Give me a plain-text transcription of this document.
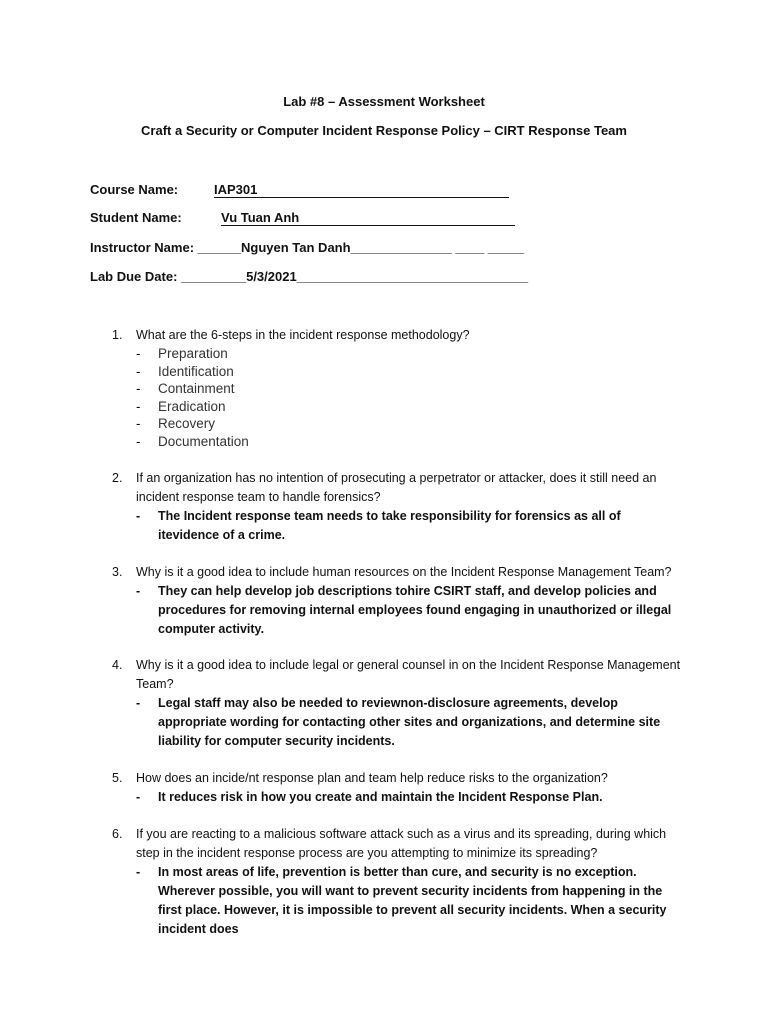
Lab #8 – Assessment Worksheet
Craft a Security or Computer Incident Response Policy – CIRT Response Team
Course Name:	IAP301
Student Name:	Vu Tuan Anh
Instructor Name: ______Nguyen Tan Danh______________ ____ _____
Lab Due Date: _________5/3/2021________________________________
1. What are the 6-steps in the incident response methodology?
- Preparation
- Identification
- Containment
- Eradication
- Recovery
- Documentation
2. If an organization has no intention of prosecuting a perpetrator or attacker, does it still need an incident response team to handle forensics?
- The Incident response team needs to take responsibility for forensics as all of itevidence of a crime.
3. Why is it a good idea to include human resources on the Incident Response Management Team?
- They can help develop job descriptions tohire CSIRT staff, and develop policies and procedures for removing internal employees found engaging in unauthorized or illegal computer activity.
4. Why is it a good idea to include legal or general counsel in on the Incident Response Management Team?
- Legal staff may also be needed to reviewnon-disclosure agreements, develop appropriate wording for contacting other sites and organizations, and determine site liability for computer security incidents.
5. How does an incide/nt response plan and team help reduce risks to the organization?
- It reduces risk in how you create and maintain the Incident Response Plan.
6. If you are reacting to a malicious software attack such as a virus and its spreading, during which step in the incident response process are you attempting to minimize its spreading?
- In most areas of life, prevention is better than cure, and security is no exception. Wherever possible, you will want to prevent security incidents from happening in the first place. However, it is impossible to prevent all security incidents. When a security incident does
